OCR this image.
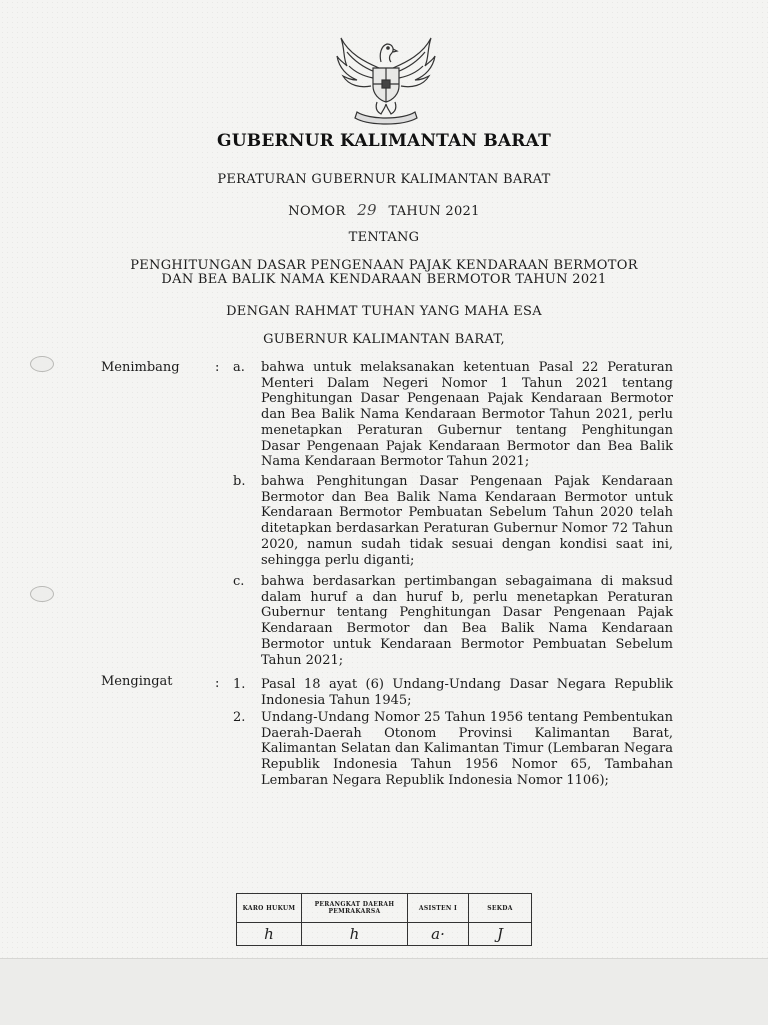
GUBERNUR KALIMANTAN BARAT
PERATURAN GUBERNUR KALIMANTAN BARAT
NOMOR 29 TAHUN 2021
TENTANG
PENGHITUNGAN DASAR PENGENAAN PAJAK KENDARAAN BERMOTOR
DAN BEA BALIK NAMA KENDARAAN BERMOTOR TAHUN 2021
DENGAN RAHMAT TUHAN YANG MAHA ESA
GUBERNUR KALIMANTAN BARAT,
Menimbang	: a. bahwa untuk melaksanakan ketentuan Pasal 22 Peraturan Menteri Dalam Negeri Nomor 1 Tahun 2021 tentang Penghitungan Dasar Pengenaan Pajak Kendaraan Bermotor dan Bea Balik Nama Kendaraan Bermotor Tahun 2021, perlu menetapkan Peraturan Gubernur tentang Penghitungan Dasar Pengenaan Pajak Kendaraan Bermotor dan Bea Balik Nama Kendaraan Bermotor Tahun 2021;
b. bahwa Penghitungan Dasar Pengenaan Pajak Kendaraan Bermotor dan Bea Balik Nama Kendaraan Bermotor untuk Kendaraan Bermotor Pembuatan Sebelum Tahun 2020 telah ditetapkan berdasarkan Peraturan Gubernur Nomor 72 Tahun 2020, namun sudah tidak sesuai dengan kondisi saat ini, sehingga perlu diganti;
c. bahwa berdasarkan pertimbangan sebagaimana di maksud dalam huruf a dan huruf b, perlu menetapkan Peraturan Gubernur tentang Penghitungan Dasar Pengenaan Pajak Kendaraan Bermotor dan Bea Balik Nama Kendaraan Bermotor untuk Kendaraan Bermotor Pembuatan Sebelum Tahun 2021;
Mengingat	: 1. Pasal 18 ayat (6) Undang-Undang Dasar Negara Republik Indonesia Tahun 1945;
2. Undang-Undang Nomor 25 Tahun 1956 tentang Pembentukan Daerah-Daerah Otonom Provinsi Kalimantan Barat, Kalimantan Selatan dan Kalimantan Timur (Lembaran Negara Republik Indonesia Tahun 1956 Nomor 65, Tambahan Lembaran Negara Republik Indonesia Nomor 1106);
KARO HUKUM	PERANGKAT DAERAH PEMRAKARSA	ASISTEN I	SEKDA
h	h	a·	J
